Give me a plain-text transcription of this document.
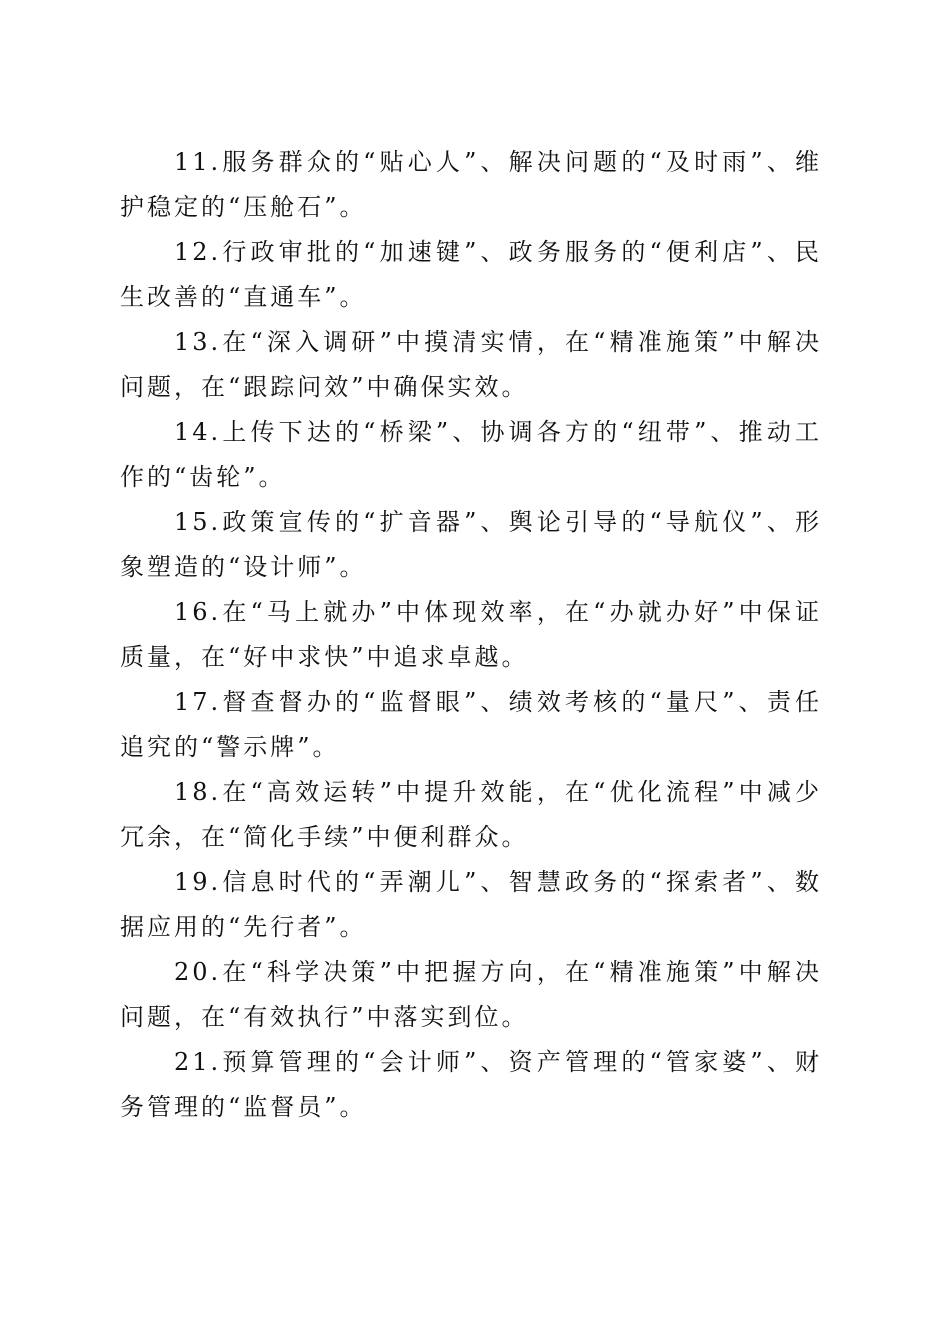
11.服务群众的“贴心人”、解决问题的“及时雨”、维护稳定的“压舱石”。

12.行政审批的“加速键”、政务服务的“便利店”、民生改善的“直通车”。

13.在“深入调研”中摸清实情，在“精准施策”中解决问题，在“跟踪问效”中确保实效。

14.上传下达的“桥梁”、协调各方的“纽带”、推动工作的“齿轮”。

15.政策宣传的“扩音器”、舆论引导的“导航仪”、形象塑造的“设计师”。

16.在“马上就办”中体现效率，在“办就办好”中保证质量，在“好中求快”中追求卓越。

17.督查督办的“监督眼”、绩效考核的“量尺”、责任追究的“警示牌”。

18.在“高效运转”中提升效能，在“优化流程”中减少冗余，在“简化手续”中便利群众。

19.信息时代的“弄潮儿”、智慧政务的“探索者”、数据应用的“先行者”。

20.在“科学决策”中把握方向，在“精准施策”中解决问题，在“有效执行”中落实到位。

21.预算管理的“会计师”、资产管理的“管家婆”、财务管理的“监督员”。
